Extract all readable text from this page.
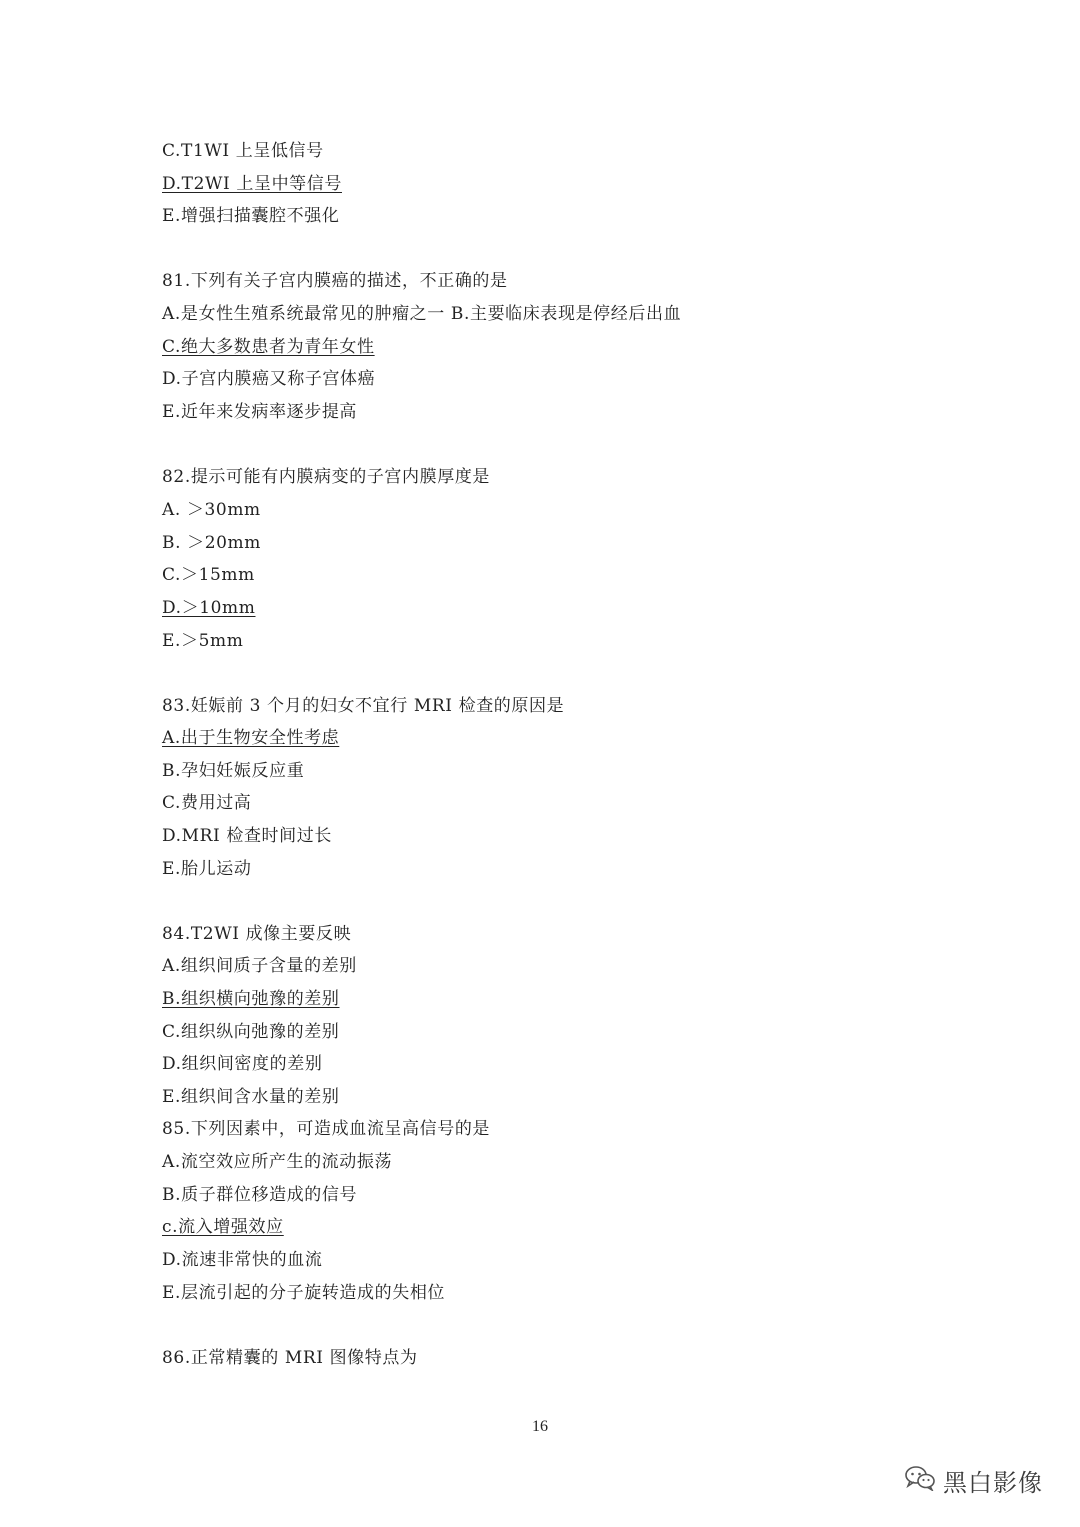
C.T1WI 上呈低信号
D.T2WI 上呈中等信号
E.增强扫描囊腔不强化
81.下列有关子宫内膜癌的描述，不正确的是
A.是女性生殖系统最常见的肿瘤之一 B.主要临床表现是停经后出血
C.绝大多数患者为青年女性
D.子宫内膜癌又称子宫体癌
E.近年来发病率逐步提高
82.提示可能有内膜病变的子宫内膜厚度是
A. ＞30mm
B. ＞20mm
C.＞15mm
D.＞10mm
E.＞5mm
83.妊娠前 3 个月的妇女不宜行 MRI 检查的原因是
A.出于生物安全性考虑
B.孕妇妊娠反应重
C.费用过高
D.MRI 检查时间过长
E.胎儿运动
84.T2WI 成像主要反映
A.组织间质子含量的差别
B.组织横向弛豫的差别
C.组织纵向弛豫的差别
D.组织间密度的差别
E.组织间含水量的差别
85.下列因素中，可造成血流呈高信号的是
A.流空效应所产生的流动振荡
B.质子群位移造成的信号
c.流入增强效应
D.流速非常快的血流
E.层流引起的分子旋转造成的失相位
86.正常精囊的 MRI 图像特点为
16
黑白影像
